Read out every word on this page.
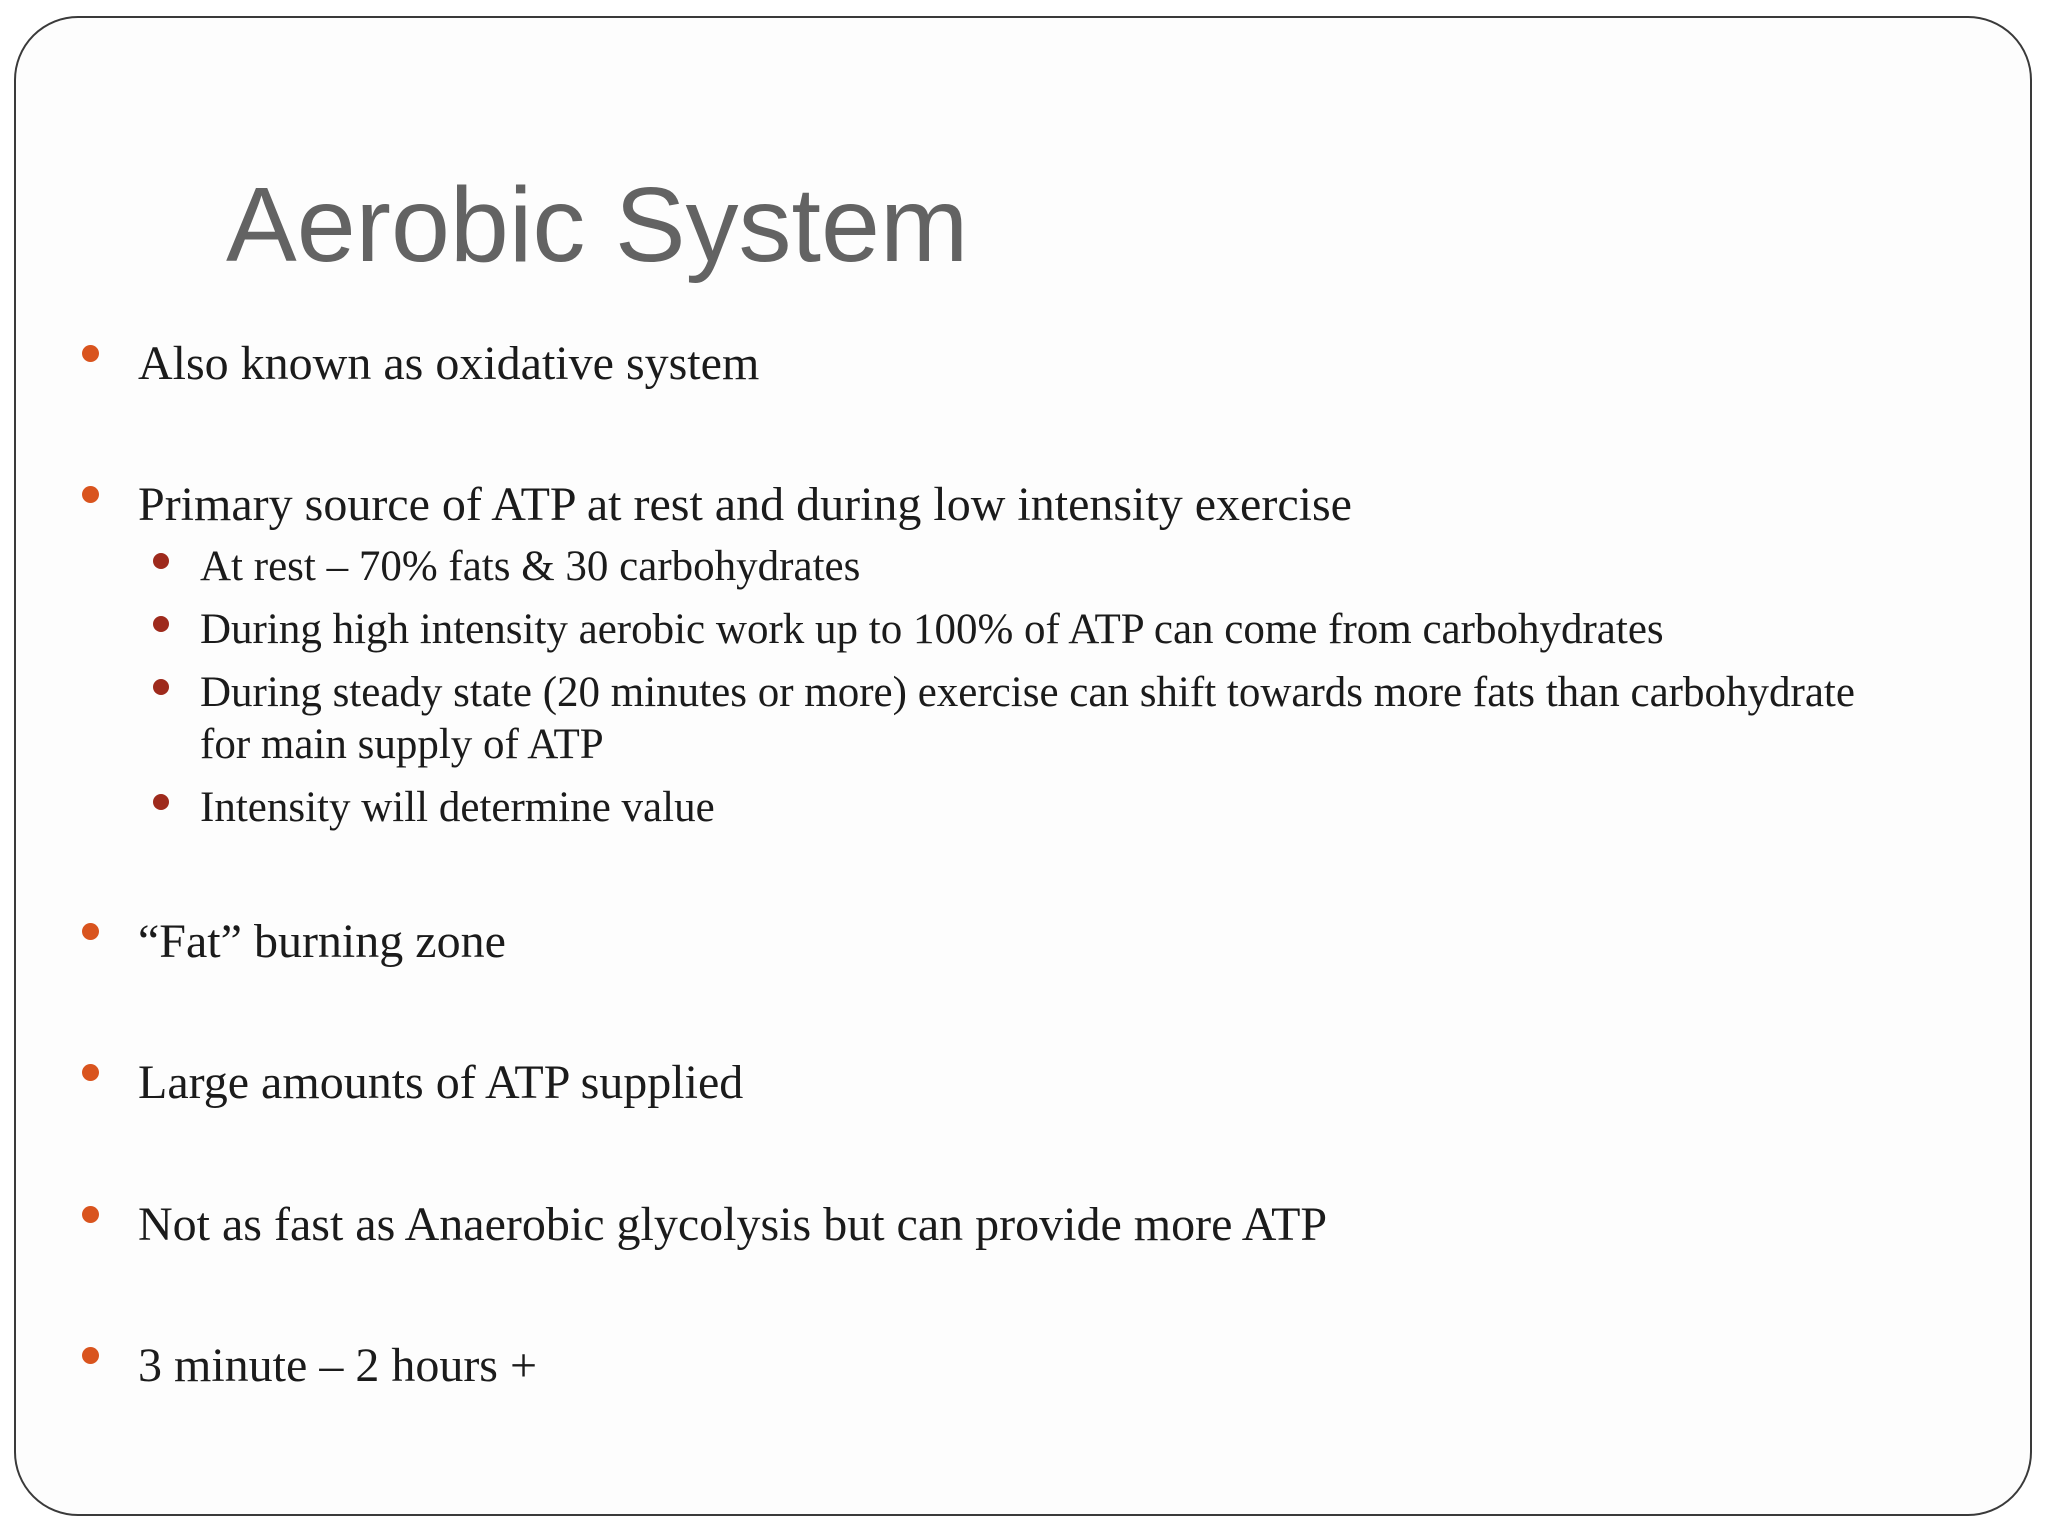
Aerobic System
Also known as oxidative system
Primary source of ATP at rest and during low intensity exercise
At rest – 70% fats & 30 carbohydrates
During high intensity aerobic work up to 100% of ATP can come from carbohydrates
During steady state (20 minutes or more) exercise can shift towards more fats than carbohydrate for main supply of ATP
Intensity will determine value
“Fat” burning zone
Large amounts of ATP supplied
Not as fast as Anaerobic glycolysis but can provide more ATP
3 minute – 2 hours +
